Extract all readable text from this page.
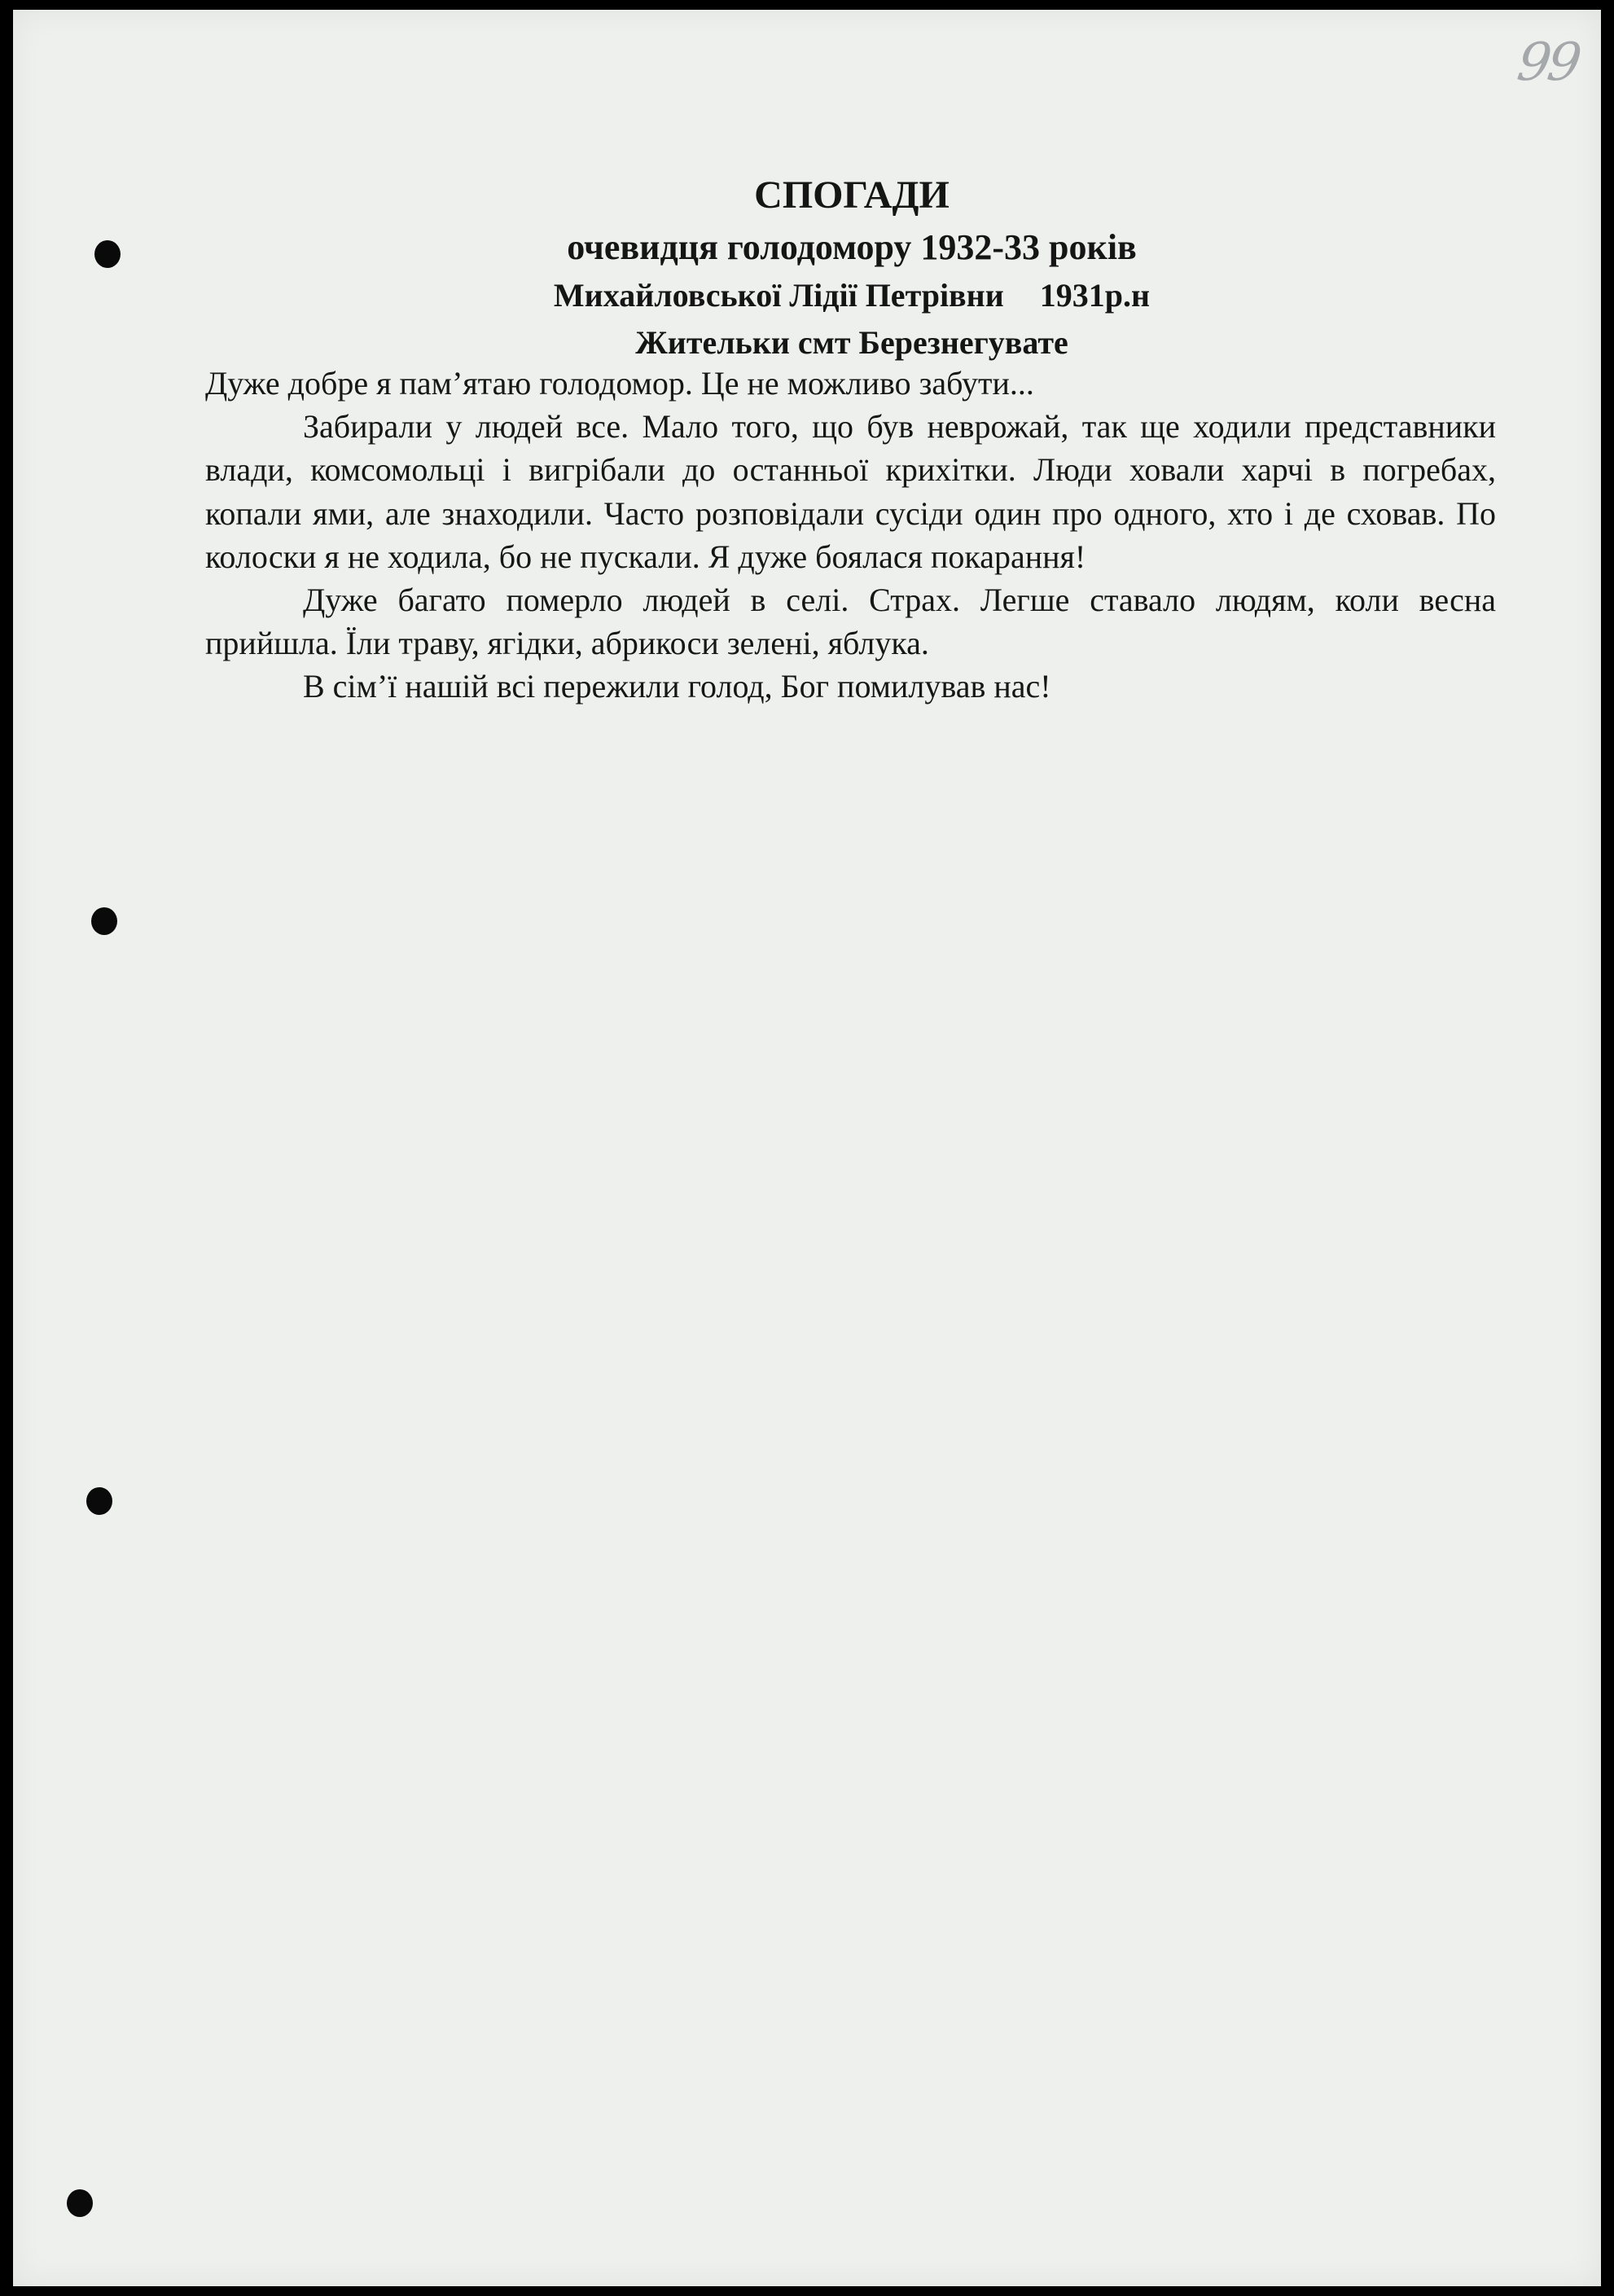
99
СПОГАДИ
очевидця голодомору 1932-33 років
Михайловської Лідії Петрівни 1931р.н
Жительки смт Березнегувате

Дуже добре я пам’ятаю голодомор. Це не можливо забути...

Забирали у людей все. Мало того, що був неврожай, так ще ходили представники влади, комсомольці і вигрібали до останньої крихітки. Люди ховали харчі в погребах, копали ями, але знаходили. Часто розповідали сусіди один про одного, хто і де сховав. По колоски я не ходила, бо не пускали. Я дуже боялася покарання!

Дуже багато померло людей в селі. Страх. Легше ставало людям, коли весна прийшла. Їли траву, ягідки, абрикоси зелені, яблука.

В сім’ї нашій всі пережили голод, Бог помилував нас!
